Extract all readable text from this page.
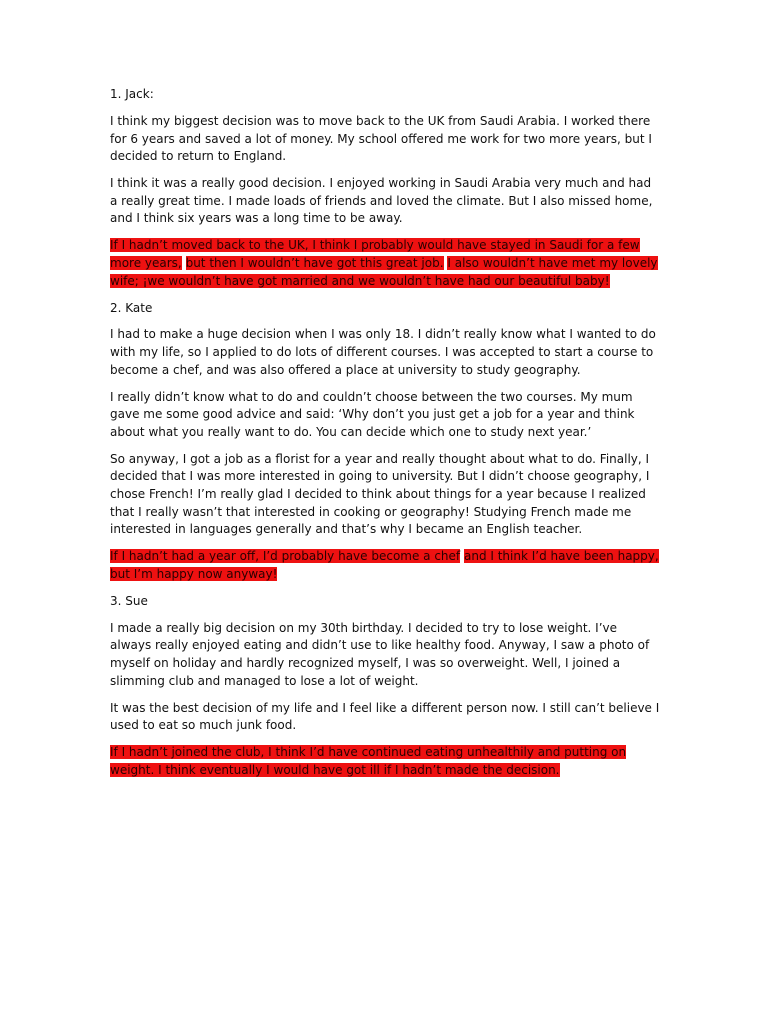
1. Jack:

I think my biggest decision was to move back to the UK from Saudi Arabia. I worked there for 6 years and saved a lot of money. My school offered me work for two more years, but I decided to return to England.

I think it was a really good decision. I enjoyed working in Saudi Arabia very much and had a really great time. I made loads of friends and loved the climate. But I also missed home, and I think six years was a long time to be away.

If I hadn’t moved back to the UK, I think I probably would have stayed in Saudi for a few more years, but then I wouldn’t have got this great job. I also wouldn’t have met my lovely wife; ¡we wouldn’t have got married and we wouldn’t have had our beautiful baby!

2. Kate

I had to make a huge decision when I was only 18. I didn’t really know what I wanted to do with my life, so I applied to do lots of different courses. I was accepted to start a course to become a chef, and was also offered a place at university to study geography.

I really didn’t know what to do and couldn’t choose between the two courses. My mum gave me some good advice and said: ‘Why don’t you just get a job for a year and think about what you really want to do. You can decide which one to study next year.’

So anyway, I got a job as a florist for a year and really thought about what to do. Finally, I decided that I was more interested in going to university. But I didn’t choose geography, I chose French! I’m really glad I decided to think about things for a year because I realized that I really wasn’t that interested in cooking or geography! Studying French made me interested in languages generally and that’s why I became an English teacher.

If I hadn’t had a year off, I’d probably have become a chef and I think I’d have been happy, but I’m happy now anyway!

3. Sue

I made a really big decision on my 30th birthday. I decided to try to lose weight. I’ve always really enjoyed eating and didn’t use to like healthy food. Anyway, I saw a photo of myself on holiday and hardly recognized myself, I was so overweight. Well, I joined a slimming club and managed to lose a lot of weight.

It was the best decision of my life and I feel like a different person now. I still can’t believe I used to eat so much junk food.

If I hadn’t joined the club, I think I’d have continued eating unhealthily and putting on weight. I think eventually I would have got ill if I hadn’t made the decision.
